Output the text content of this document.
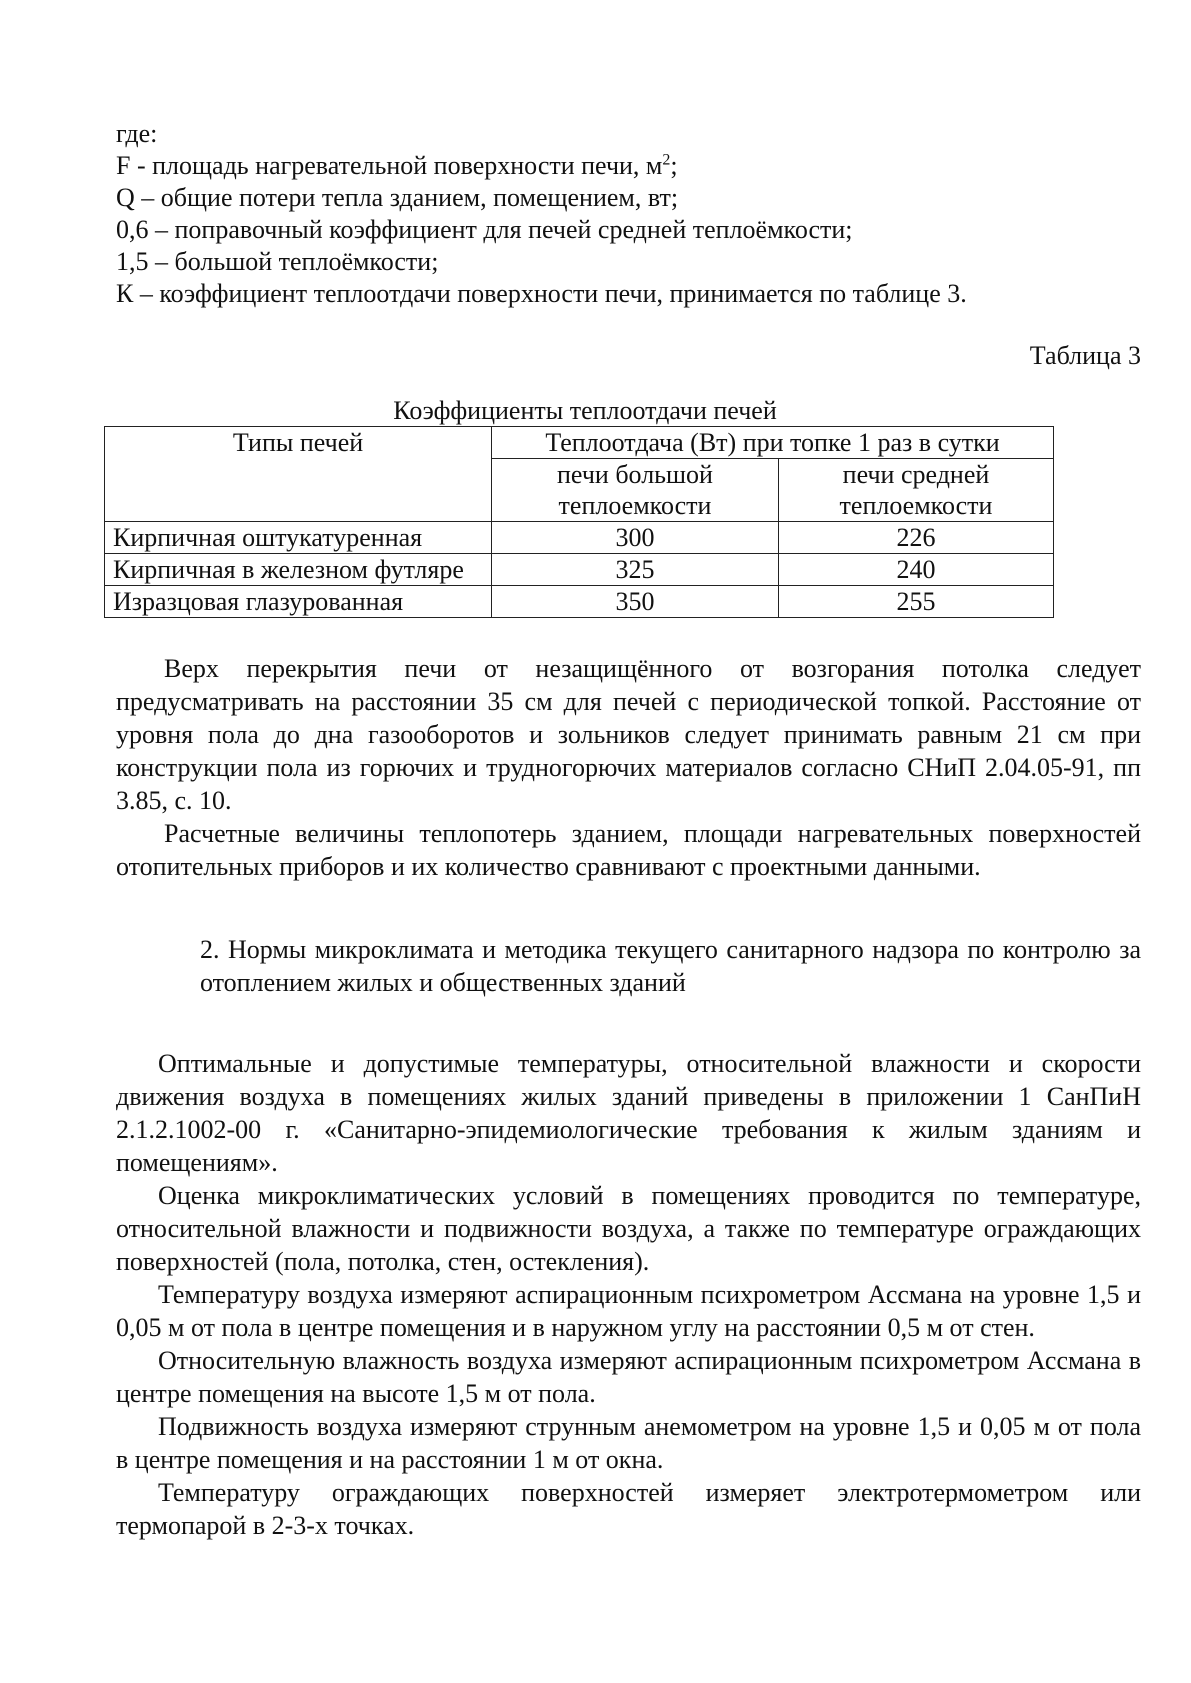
где:
F - площадь нагревательной поверхности печи, $м^2$;
Q – общие потери тепла зданием, помещением, вт;
0,6 – поправочный коэффициент для печей средней теплоёмкости;
1,5 – большой теплоёмкости;
К – коэффициент теплоотдачи поверхности печи, принимается по таблице 3.
Таблица 3
Коэффициенты теплоотдачи печей
Типы печей	Теплоотдача (Вт) при топке 1 раз в сутки	
	печи большой теплоемкости	печи средней теплоемкости
Кирпичная оштукатуренная	300	226
Кирпичная в железном футляре	325	240
Изразцовая глазурованная	350	255

Верх перекрытия печи от незащищённого от возгорания потолка следует предусматривать на расстоянии 35 см для печей с периодической топкой. Расстояние от уровня пола до дна газооборотов и зольников следует принимать равным 21 см при конструкции пола из горючих и трудногорючих материалов согласно СНиП 2.04.05-91, пп 3.85, с. 10.

Расчетные величины теплопотерь зданием, площади нагревательных поверхностей отопительных приборов и их количество сравнивают с проектными данными.

2. Нормы микроклимата и методика текущего санитарного надзора по контролю за отоплением жилых и общественных зданий

Оптимальные и допустимые температуры, относительной влажности и скорости движения воздуха в помещениях жилых зданий приведены в приложении 1 СанПиН 2.1.2.1002-00 г. «Санитарно-эпидемиологические требования к жилым зданиям и помещениям».

Оценка микроклиматических условий в помещениях проводится по температуре, относительной влажности и подвижности воздуха, а также по температуре ограждающих поверхностей (пола, потолка, стен, остекления).

Температуру воздуха измеряют аспирационным психрометром Ассмана на уровне 1,5 и 0,05 м от пола в центре помещения и в наружном углу на расстоянии 0,5 м от стен.

Относительную влажность воздуха измеряют аспирационным психрометром Ассмана в центре помещения на высоте 1,5 м от пола.

Подвижность воздуха измеряют струнным анемометром на уровне 1,5 и 0,05 м от пола в центре помещения и на расстоянии 1 м от окна.

Температуру ограждающих поверхностей измеряет электротермометром или термопарой в 2-3-х точках.
